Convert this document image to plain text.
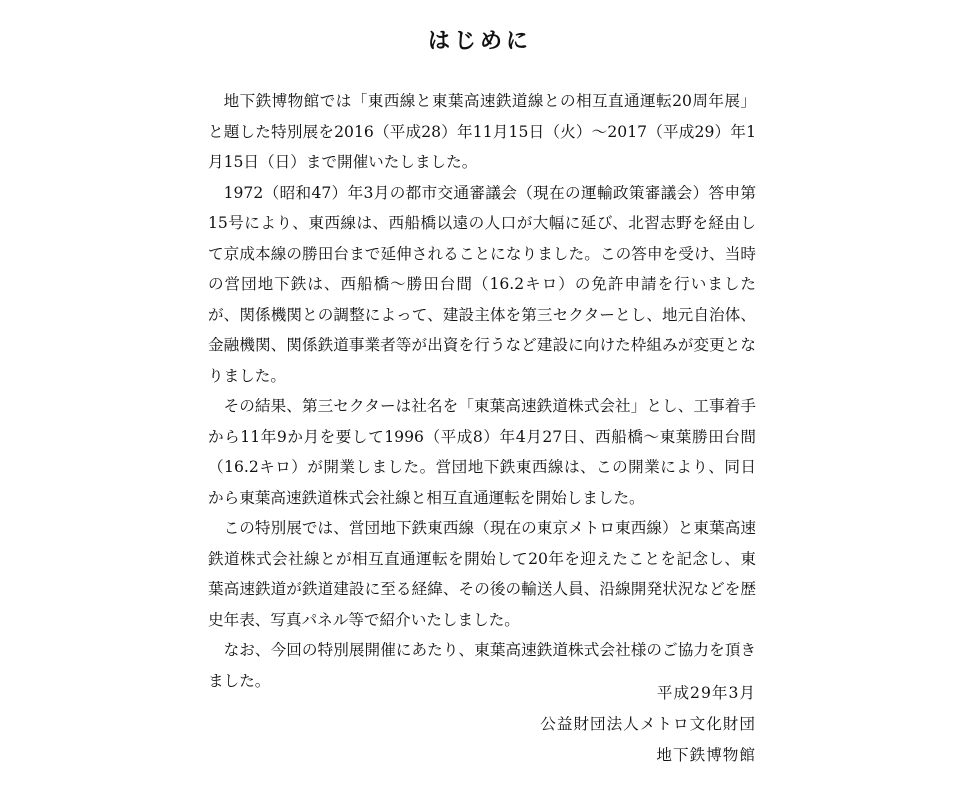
はじめに

地下鉄博物館では「東西線と東葉高速鉄道線との相互直通運転20周年展」と題した特別展を2016（平成28）年11月15日（火）～2017（平成29）年1月15日（日）まで開催いたしました。

1972（昭和47）年3月の都市交通審議会（現在の運輸政策審議会）答申第15号により、東西線は、西船橋以遠の人口が大幅に延び、北習志野を経由して京成本線の勝田台まで延伸されることになりました。この答申を受け、当時の営団地下鉄は、西船橋～勝田台間（16.2キロ）の免許申請を行いましたが、関係機関との調整によって、建設主体を第三セクターとし、地元自治体、金融機関、関係鉄道事業者等が出資を行うなど建設に向けた枠組みが変更となりました。

その結果、第三セクターは社名を「東葉高速鉄道株式会社」とし、工事着手から11年9か月を要して1996（平成8）年4月27日、西船橋～東葉勝田台間（16.2キロ）が開業しました。営団地下鉄東西線は、この開業により、同日から東葉高速鉄道株式会社線と相互直通運転を開始しました。

この特別展では、営団地下鉄東西線（現在の東京メトロ東西線）と東葉高速鉄道株式会社線とが相互直通運転を開始して20年を迎えたことを記念し、東葉高速鉄道が鉄道建設に至る経緯、その後の輸送人員、沿線開発状況などを歴史年表、写真パネル等で紹介いたしました。

なお、今回の特別展開催にあたり、東葉高速鉄道株式会社様のご協力を頂きました。

平成29年3月
公益財団法人メトロ文化財団
地下鉄博物館
